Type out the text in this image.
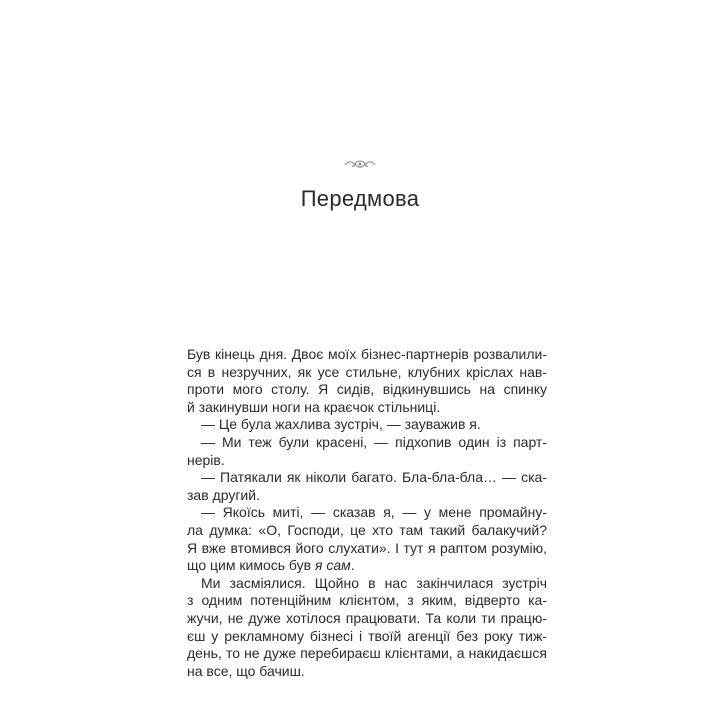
Передмова
Був кінець дня. Двоє моїх бізнес-партнерів розвалили-
ся в незручних, як усе стильне, клубних кріслах нав-
проти мого столу. Я сидів, відкинувшись на спинку
й закинувши ноги на краєчок стільниці.
— Це була жахлива зустріч, — зауважив я.
— Ми теж були красені, — підхопив один із парт-
нерів.
— Патякали як ніколи багато. Бла-бла-бла… — ска-
зав другий.
— Якоїсь миті, — сказав я, — у мене промайну-
ла думка: «О, Господи, це хто там такий балакучий?
Я вже втомився його слухати». І тут я раптом розумію,
що цим кимось був я сам.
Ми засміялися. Щойно в нас закінчилася зустріч
з одним потенційним клієнтом, з яким, відверто ка-
жучи, не дуже хотілося працювати. Та коли ти працю-
єш у рекламному бізнесі і твоїй агенції без року тиж-
день, то не дуже перебираєш клієнтами, а накидаєшся
на все, що бачиш.
